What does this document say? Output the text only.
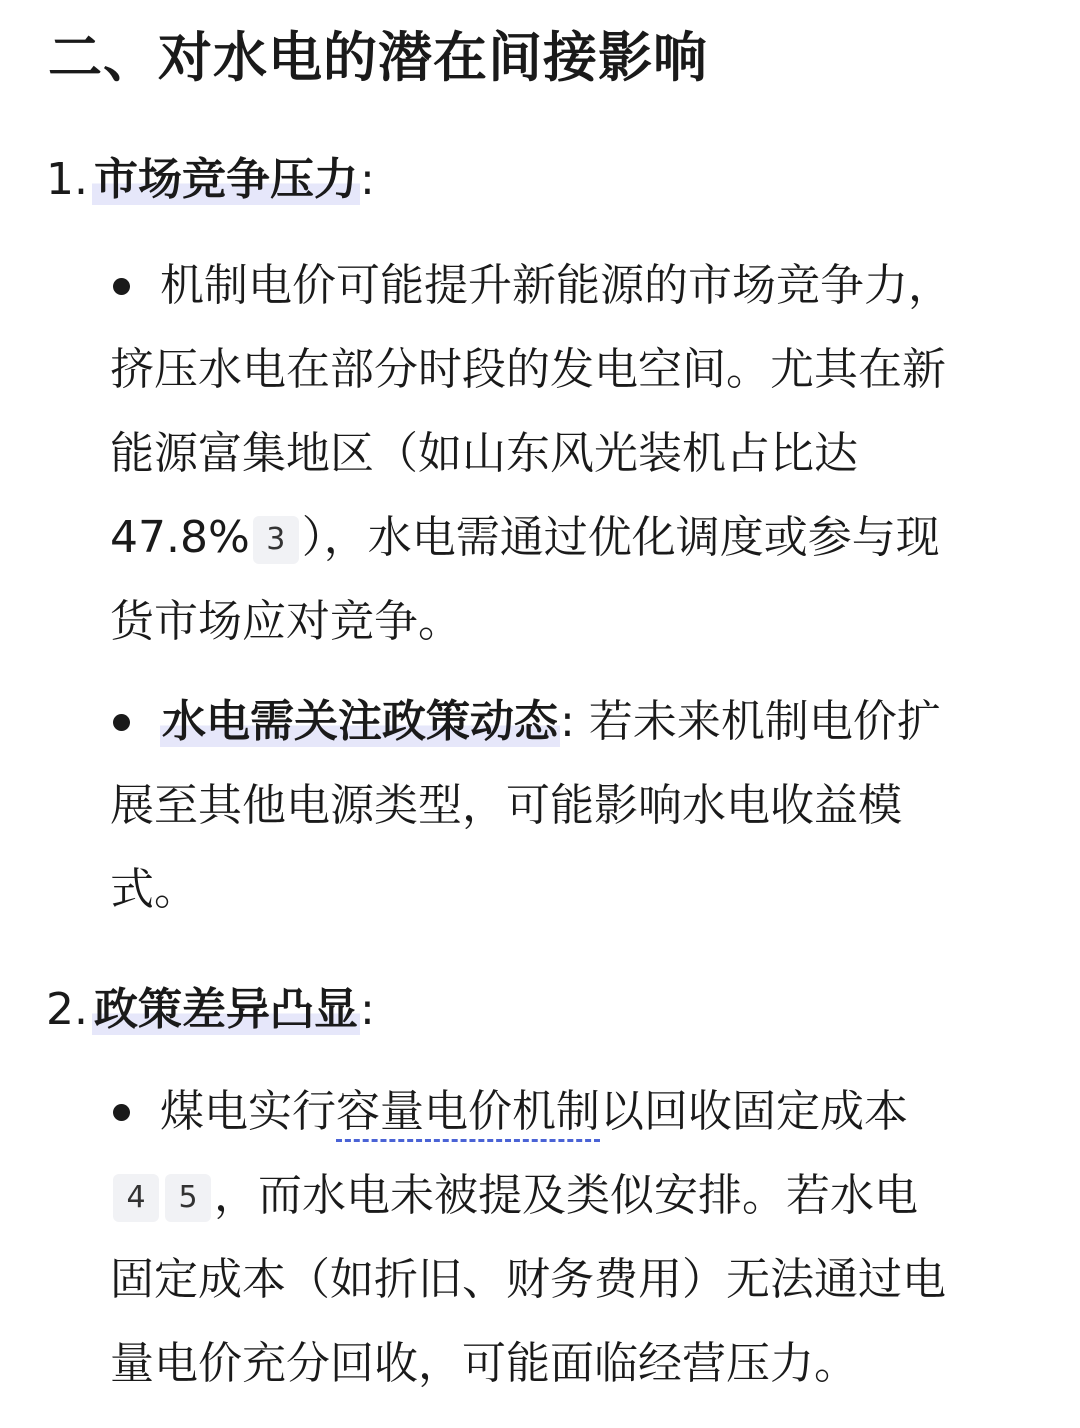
二、对水电的潜在间接影响
1. 市场竞争压力:

机制电价可能提升新能源的市场竞争力，
挤压水电在部分时段的发电空间。尤其在新
能源富集地区（如山东风光装机占比达
47.8% 3 ），水电需通过优化调度或参与现
货市场应对竞争。

水电需关注政策动态: 若未来机制电价扩
展至其他电源类型，可能影响水电收益模
式。

2. 政策差异凸显:

煤电实行容量电价机制以回收固定成本
4 5 ，而水电未被提及类似安排。若水电
固定成本（如折旧、财务费用）无法通过电
量电价充分回收，可能面临经营压力。
